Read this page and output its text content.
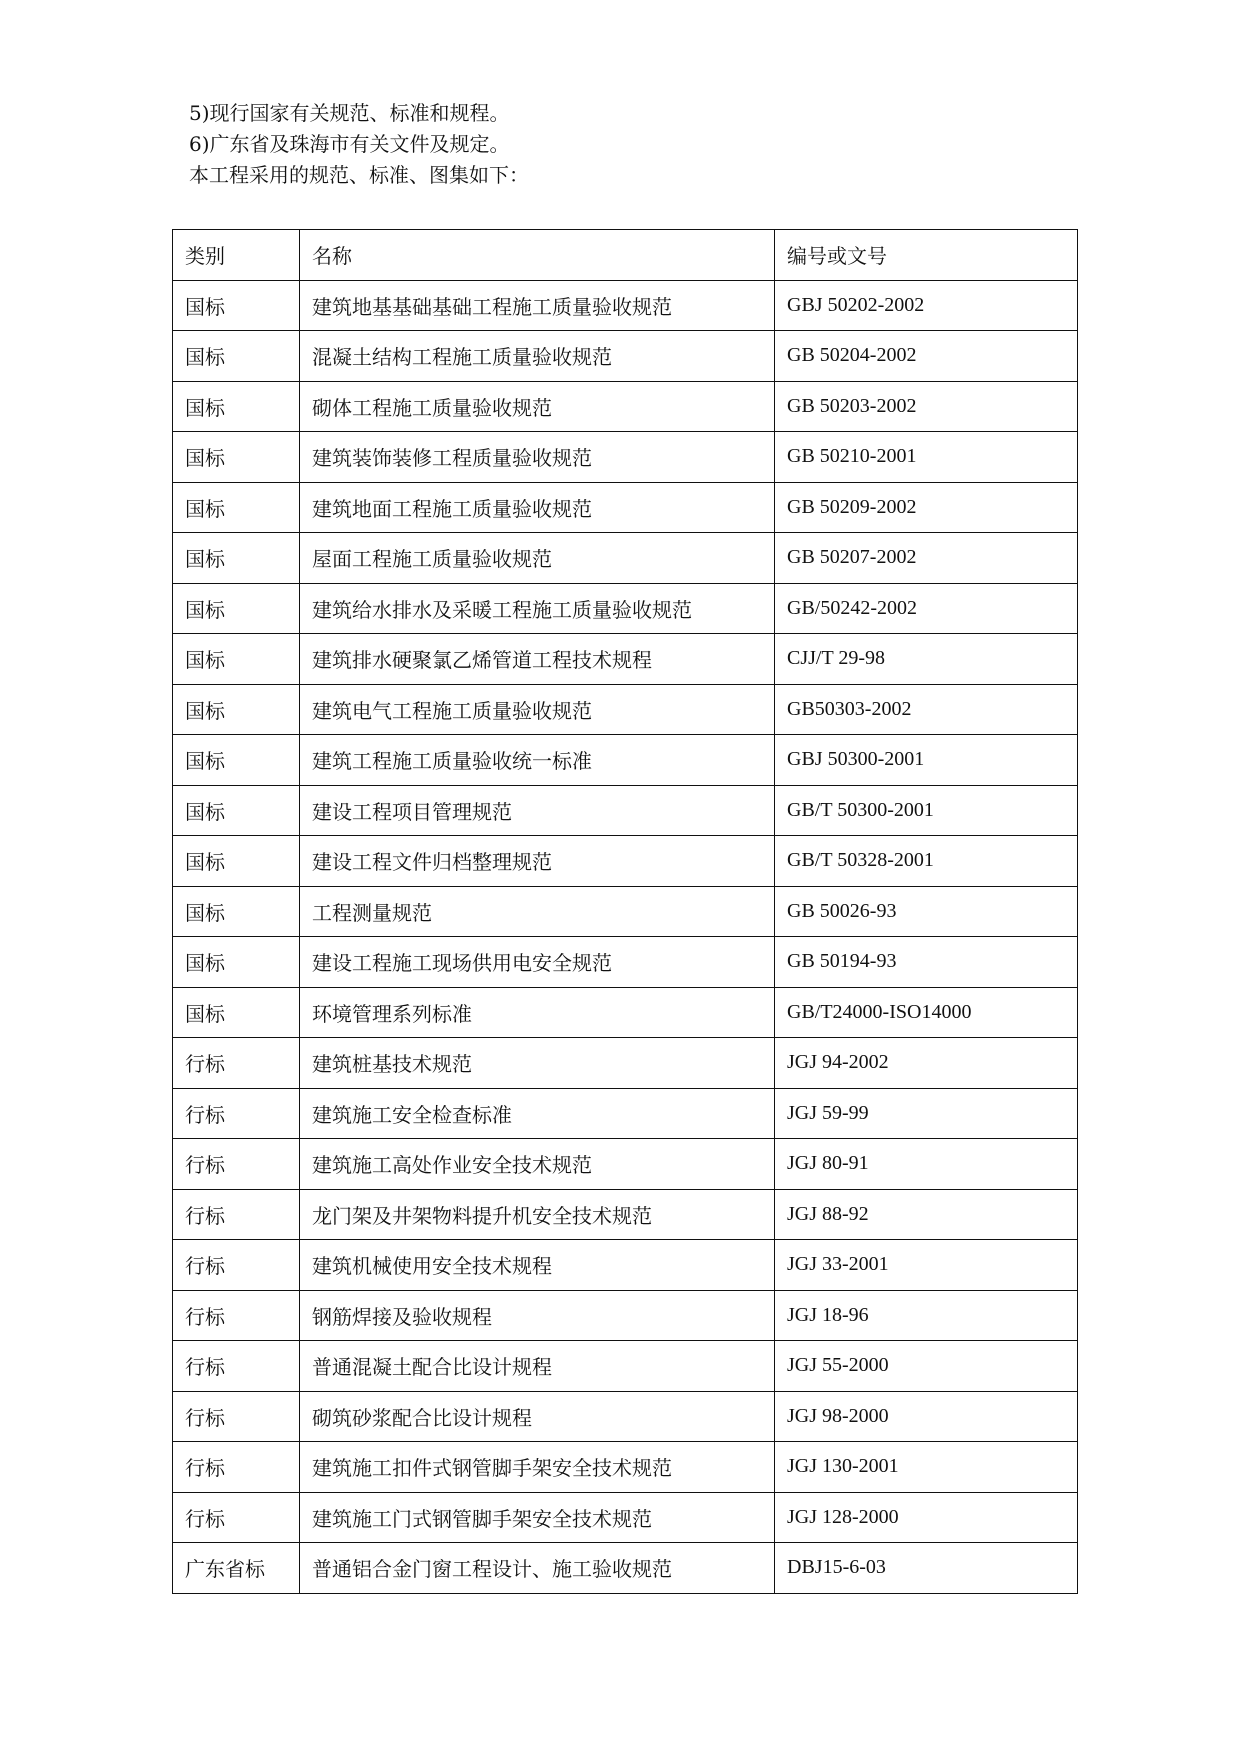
5)现行国家有关规范、标准和规程。

6)广东省及珠海市有关文件及规定。

本工程采用的规范、标准、图集如下：

类别	名称	编号或文号
国标	建筑地基基础基础工程施工质量验收规范	GBJ 50202-2002
国标	混凝土结构工程施工质量验收规范	GB 50204-2002
国标	砌体工程施工质量验收规范	GB 50203-2002
国标	建筑装饰装修工程质量验收规范	GB 50210-2001
国标	建筑地面工程施工质量验收规范	GB 50209-2002
国标	屋面工程施工质量验收规范	GB 50207-2002
国标	建筑给水排水及采暖工程施工质量验收规范	GB/50242-2002
国标	建筑排水硬聚氯乙烯管道工程技术规程	CJJ/T 29-98
国标	建筑电气工程施工质量验收规范	GB50303-2002
国标	建筑工程施工质量验收统一标准	GBJ 50300-2001
国标	建设工程项目管理规范	GB/T 50300-2001
国标	建设工程文件归档整理规范	GB/T 50328-2001
国标	工程测量规范	GB 50026-93
国标	建设工程施工现场供用电安全规范	GB 50194-93
国标	环境管理系列标准	GB/T24000-ISO14000
行标	建筑桩基技术规范	JGJ 94-2002
行标	建筑施工安全检查标准	JGJ 59-99
行标	建筑施工高处作业安全技术规范	JGJ 80-91
行标	龙门架及井架物料提升机安全技术规范	JGJ 88-92
行标	建筑机械使用安全技术规程	JGJ 33-2001
行标	钢筋焊接及验收规程	JGJ 18-96
行标	普通混凝土配合比设计规程	JGJ 55-2000
行标	砌筑砂浆配合比设计规程	JGJ 98-2000
行标	建筑施工扣件式钢管脚手架安全技术规范	JGJ 130-2001
行标	建筑施工门式钢管脚手架安全技术规范	JGJ 128-2000
广东省标	普通铝合金门窗工程设计、施工验收规范	DBJ15-6-03
